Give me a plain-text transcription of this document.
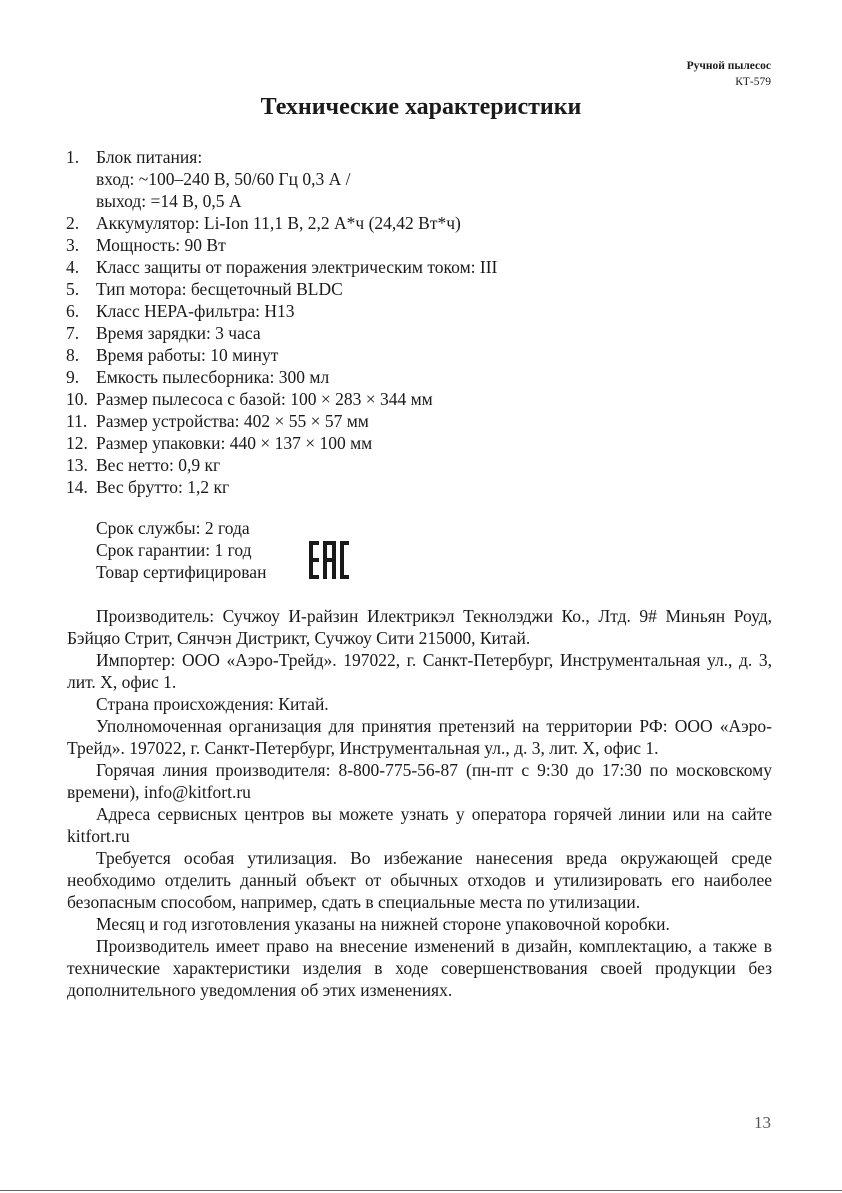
Ручной пылесос
КТ-579
Технические характеристики
1. Блок питания:
вход: ~100–240 В, 50/60 Гц 0,3 А /
выход: =14 В, 0,5 А
2. Аккумулятор: Li-Ion 11,1 В, 2,2 А*ч (24,42 Вт*ч)
3. Мощность: 90 Вт
4. Класс защиты от поражения электрическим током: III
5. Тип мотора: бесщеточный BLDC
6. Класс HEPA-фильтра: H13
7. Время зарядки: 3 часа
8. Время работы: 10 минут
9. Емкость пылесборника: 300 мл
10. Размер пылесоса с базой: 100 × 283 × 344 мм
11. Размер устройства: 402 × 55 × 57 мм
12. Размер упаковки: 440 × 137 × 100 мм
13. Вес нетто: 0,9 кг
14. Вес брутто: 1,2 кг
Срок службы: 2 года
Срок гарантии: 1 год
Товар сертифицирован

Производитель: Сучжоу И-райзин Илектрикэл Текнолэджи Ко., Лтд. 9# Миньян Роуд, Бэйцяо Стрит, Сянчэн Дистрикт, Сучжоу Сити 215000, Китай.

Импортер: ООО «Аэро-Трейд». 197022, г. Санкт-Петербург, Инструментальная ул., д. 3, лит. Х, офис 1.

Страна происхождения: Китай.

Уполномоченная организация для принятия претензий на территории РФ: ООО «Аэро-Трейд». 197022, г. Санкт-Петербург, Инструментальная ул., д. 3, лит. Х, офис 1.

Горячая линия производителя: 8-800-775-56-87 (пн-пт с 9:30 до 17:30 по московскому времени), info@kitfort.ru

Адреса сервисных центров вы можете узнать у оператора горячей линии или на сайте kitfort.ru

Требуется особая утилизация. Во избежание нанесения вреда окружающей среде необходимо отделить данный объект от обычных отходов и утилизировать его наиболее безопасным способом, например, сдать в специальные места по утилизации.

Месяц и год изготовления указаны на нижней стороне упаковочной коробки.

Производитель имеет право на внесение изменений в дизайн, комплектацию, а также в технические характеристики изделия в ходе совершенствования своей продукции без дополнительного уведомления об этих изменениях.

13
